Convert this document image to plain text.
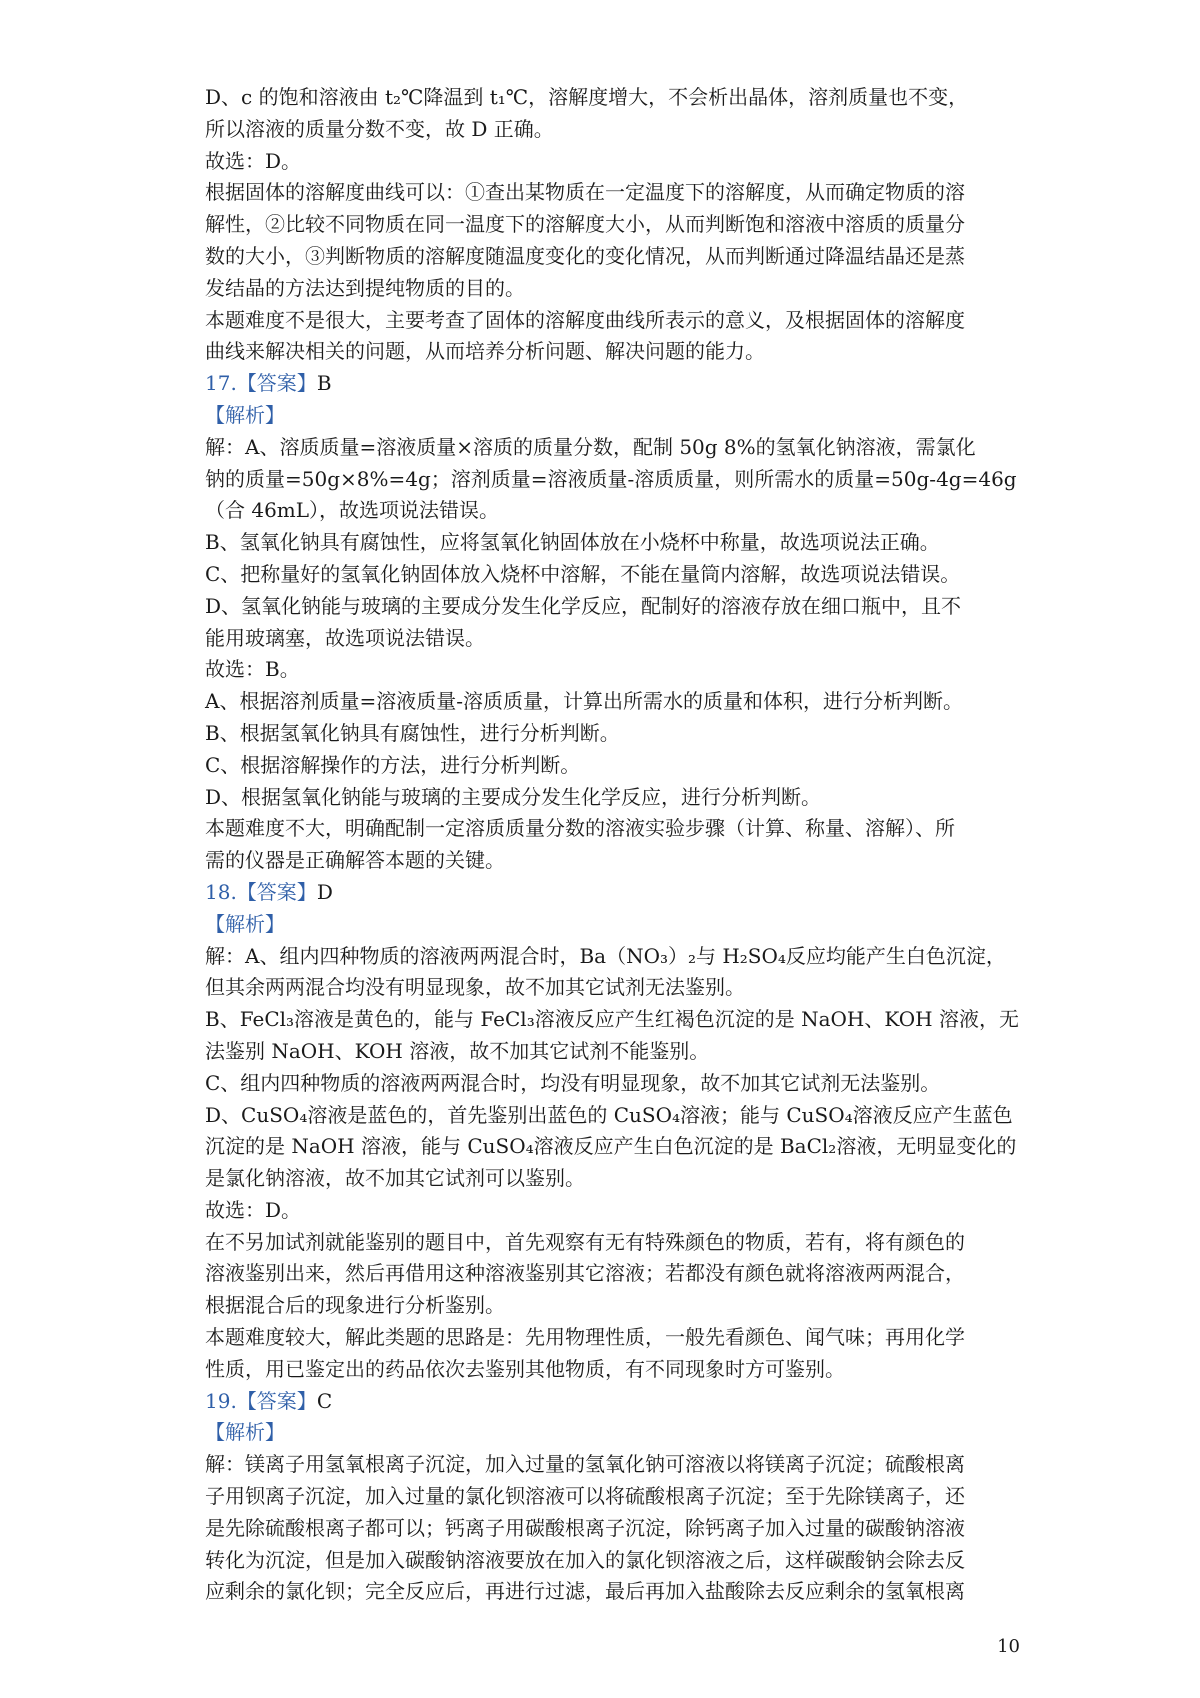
D、c 的饱和溶液由 t₂℃降温到 t₁℃，溶解度增大，不会析出晶体，溶剂质量也不变，
所以溶液的质量分数不变，故 D 正确。
故选：D。
根据固体的溶解度曲线可以：①查出某物质在一定温度下的溶解度，从而确定物质的溶
解性，②比较不同物质在同一温度下的溶解度大小，从而判断饱和溶液中溶质的质量分
数的大小，③判断物质的溶解度随温度变化的变化情况，从而判断通过降温结晶还是蒸
发结晶的方法达到提纯物质的目的。
本题难度不是很大，主要考查了固体的溶解度曲线所表示的意义，及根据固体的溶解度
曲线来解决相关的问题，从而培养分析问题、解决问题的能力。
17.【答案】B
【解析】
解：A、溶质质量=溶液质量×溶质的质量分数，配制 50g 8%的氢氧化钠溶液，需氯化
钠的质量=50g×8%=4g；溶剂质量=溶液质量-溶质质量，则所需水的质量=50g-4g=46g
（合 46mL），故选项说法错误。
B、氢氧化钠具有腐蚀性，应将氢氧化钠固体放在小烧杯中称量，故选项说法正确。
C、把称量好的氢氧化钠固体放入烧杯中溶解，不能在量筒内溶解，故选项说法错误。
D、氢氧化钠能与玻璃的主要成分发生化学反应，配制好的溶液存放在细口瓶中，且不
能用玻璃塞，故选项说法错误。
故选：B。
A、根据溶剂质量=溶液质量-溶质质量，计算出所需水的质量和体积，进行分析判断。
B、根据氢氧化钠具有腐蚀性，进行分析判断。
C、根据溶解操作的方法，进行分析判断。
D、根据氢氧化钠能与玻璃的主要成分发生化学反应，进行分析判断。
本题难度不大，明确配制一定溶质质量分数的溶液实验步骤（计算、称量、溶解）、所
需的仪器是正确解答本题的关键。
18.【答案】D
【解析】
解：A、组内四种物质的溶液两两混合时，Ba（NO₃）₂与 H₂SO₄反应均能产生白色沉淀，
但其余两两混合均没有明显现象，故不加其它试剂无法鉴别。
B、FeCl₃溶液是黄色的，能与 FeCl₃溶液反应产生红褐色沉淀的是 NaOH、KOH 溶液，无
法鉴别 NaOH、KOH 溶液，故不加其它试剂不能鉴别。
C、组内四种物质的溶液两两混合时，均没有明显现象，故不加其它试剂无法鉴别。
D、CuSO₄溶液是蓝色的，首先鉴别出蓝色的 CuSO₄溶液；能与 CuSO₄溶液反应产生蓝色
沉淀的是 NaOH 溶液，能与 CuSO₄溶液反应产生白色沉淀的是 BaCl₂溶液，无明显变化的
是氯化钠溶液，故不加其它试剂可以鉴别。
故选：D。
在不另加试剂就能鉴别的题目中，首先观察有无有特殊颜色的物质，若有，将有颜色的
溶液鉴别出来，然后再借用这种溶液鉴别其它溶液；若都没有颜色就将溶液两两混合，
根据混合后的现象进行分析鉴别。
本题难度较大，解此类题的思路是：先用物理性质，一般先看颜色、闻气味；再用化学
性质，用已鉴定出的药品依次去鉴别其他物质，有不同现象时方可鉴别。
19.【答案】C
【解析】
解：镁离子用氢氧根离子沉淀，加入过量的氢氧化钠可溶液以将镁离子沉淀；硫酸根离
子用钡离子沉淀，加入过量的氯化钡溶液可以将硫酸根离子沉淀；至于先除镁离子，还
是先除硫酸根离子都可以；钙离子用碳酸根离子沉淀，除钙离子加入过量的碳酸钠溶液
转化为沉淀，但是加入碳酸钠溶液要放在加入的氯化钡溶液之后，这样碳酸钠会除去反
应剩余的氯化钡；完全反应后，再进行过滤，最后再加入盐酸除去反应剩余的氢氧根离
10
